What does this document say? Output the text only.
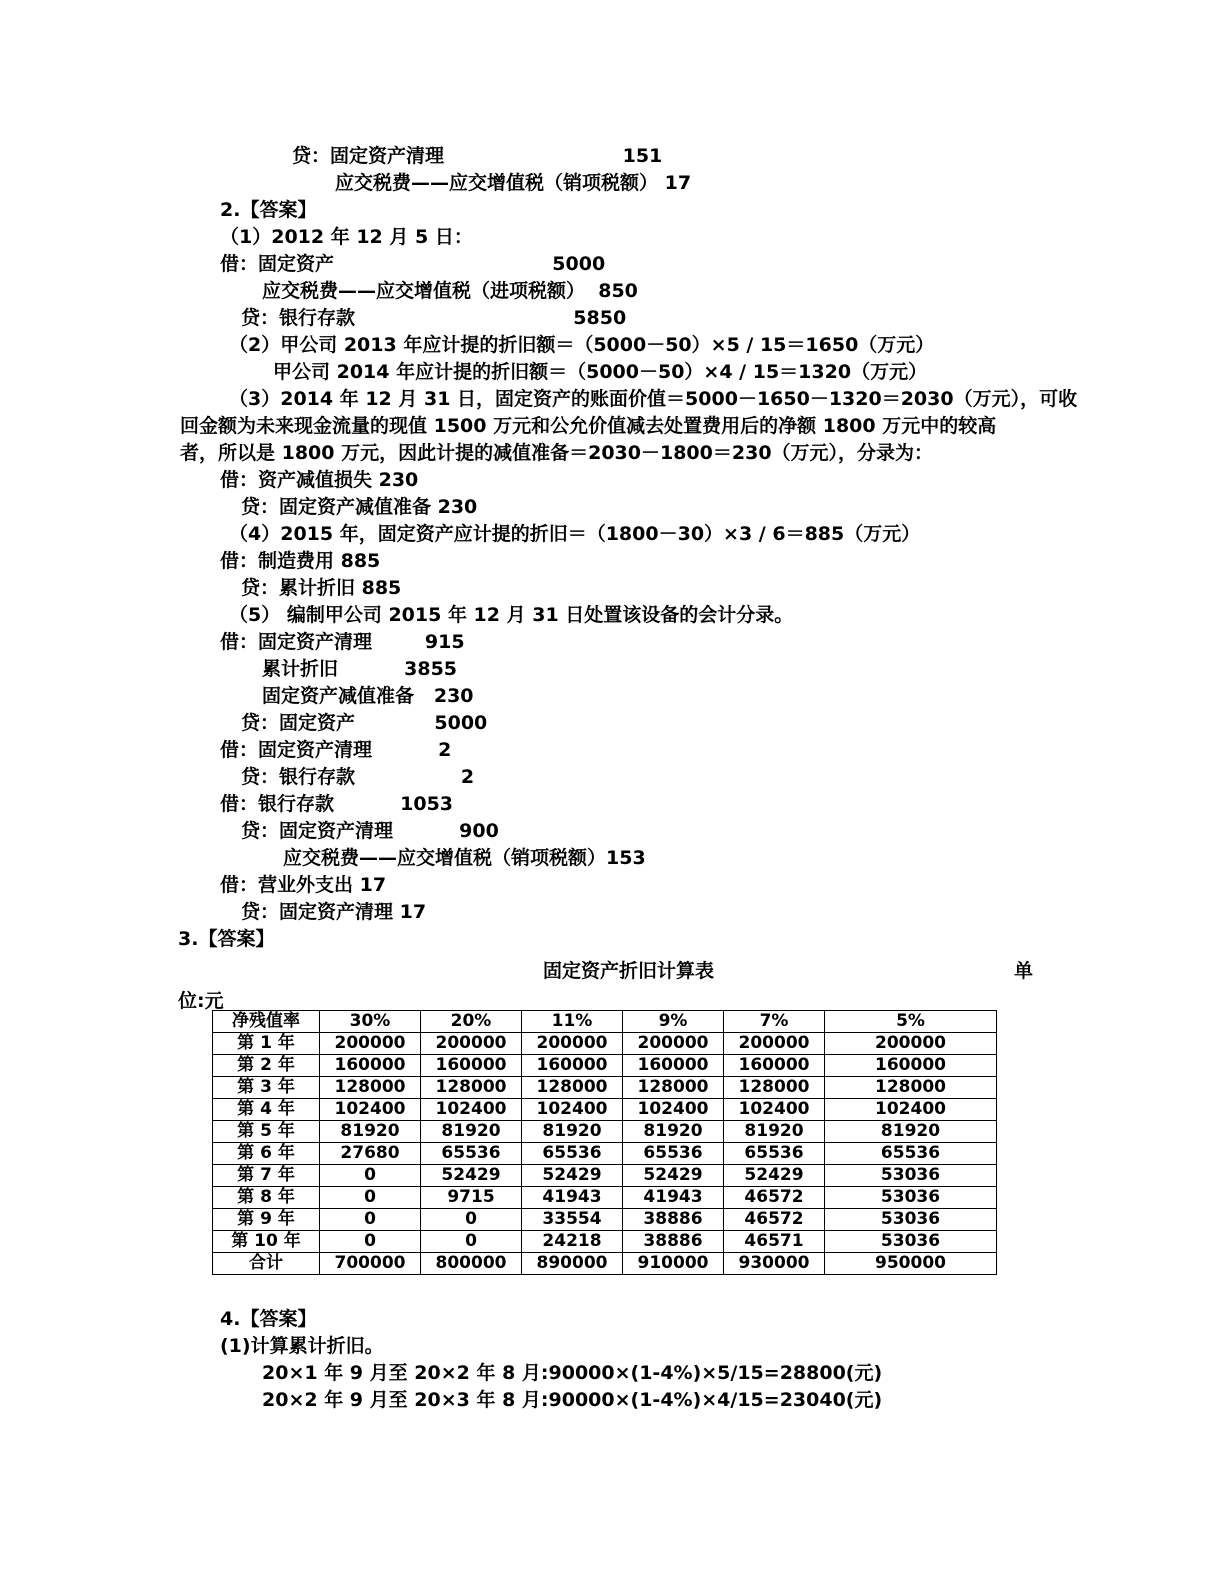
贷：固定资产清理                           151
应交税费——应交增值税（销项税额） 17
2.【答案】
（1）2012 年 12 月 5 日：
借：固定资产                                 5000
应交税费——应交增值税（进项税额）  850
贷：银行存款                                 5850
（2）甲公司 2013 年应计提的折旧额＝（5000－50）×5 / 15＝1650（万元）
甲公司 2014 年应计提的折旧额＝（5000－50）×4 / 15＝1320（万元）
（3）2014 年 12 月 31 日，固定资产的账面价值＝5000－1650－1320＝2030（万元），可收
回金额为未来现金流量的现值 1500 万元和公允价值减去处置费用后的净额 1800 万元中的较高
者，所以是 1800 万元，因此计提的减值准备＝2030－1800＝230（万元），分录为：
借：资产减值损失 230
贷：固定资产减值准备 230
（4）2015 年，固定资产应计提的折旧＝（1800－30）×3 / 6＝885（万元）
借：制造费用 885
贷：累计折旧 885
（5） 编制甲公司 2015 年 12 月 31 日处置该设备的会计分录。
借：固定资产清理        915
累计折旧          3855
固定资产减值准备   230
贷：固定资产            5000
借：固定资产清理          2
贷：银行存款                2
借：银行存款          1053
贷：固定资产清理          900
应交税费——应交增值税（销项税额）153
借：营业外支出 17
贷：固定资产清理 17
3.【答案】
4.【答案】
(1)计算累计折旧。
20×1 年 9 月至 20×2 年 8 月:90000×(1-4%)×5/15=28800(元)
20×2 年 9 月至 20×3 年 8 月:90000×(1-4%)×4/15=23040(元)
固定资产折旧计算表	单
位:元
净残值率	30%	20%	11%	9%	7%	5%
第 1 年	200000	200000	200000	200000	200000	200000
第 2 年	160000	160000	160000	160000	160000	160000
第 3 年	128000	128000	128000	128000	128000	128000
第 4 年	102400	102400	102400	102400	102400	102400
第 5 年	81920	81920	81920	81920	81920	81920
第 6 年	27680	65536	65536	65536	65536	65536
第 7 年	0	52429	52429	52429	52429	53036
第 8 年	0	9715	41943	41943	46572	53036
第 9 年	0	0	33554	38886	46572	53036
第 10 年	0	0	24218	38886	46571	53036
合计	700000	800000	890000	910000	930000	950000
